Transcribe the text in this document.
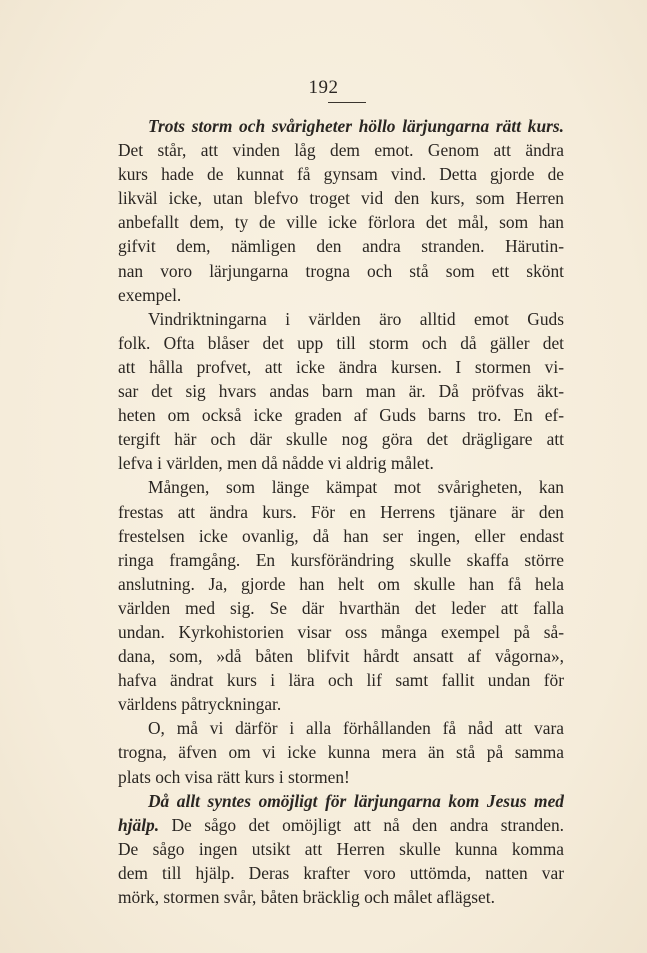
192
Trots storm och svårigheter höllo lärjungarna rätt kurs.
Det står, att vinden låg dem emot. Genom att ändra
kurs hade de kunnat få gynsam vind. Detta gjorde de
likväl icke, utan blefvo troget vid den kurs, som Herren
anbefallt dem, ty de ville icke förlora det mål, som han
gifvit dem, nämligen den andra stranden. Härutin-
nan voro lärjungarna trogna och stå som ett skönt
exempel.
Vindriktningarna i världen äro alltid emot Guds
folk. Ofta blåser det upp till storm och då gäller det
att hålla profvet, att icke ändra kursen. I stormen vi-
sar det sig hvars andas barn man är. Då pröfvas äkt-
heten om också icke graden af Guds barns tro. En ef-
tergift här och där skulle nog göra det drägligare att
lefva i världen, men då nådde vi aldrig målet.
Mången, som länge kämpat mot svårigheten, kan
frestas att ändra kurs. För en Herrens tjänare är den
frestelsen icke ovanlig, då han ser ingen, eller endast
ringa framgång. En kursförändring skulle skaffa större
anslutning. Ja, gjorde han helt om skulle han få hela
världen med sig. Se där hvarthän det leder att falla
undan. Kyrkohistorien visar oss många exempel på så-
dana, som, »då båten blifvit hårdt ansatt af vågorna»,
hafva ändrat kurs i lära och lif samt fallit undan för
världens påtryckningar.
O, må vi därför i alla förhållanden få nåd att vara
trogna, äfven om vi icke kunna mera än stå på samma
plats och visa rätt kurs i stormen!
Då allt syntes omöjligt för lärjungarna kom Jesus med
hjälp. De sågo det omöjligt att nå den andra stranden.
De sågo ingen utsikt att Herren skulle kunna komma
dem till hjälp. Deras krafter voro uttömda, natten var
mörk, stormen svår, båten bräcklig och målet aflägset.
